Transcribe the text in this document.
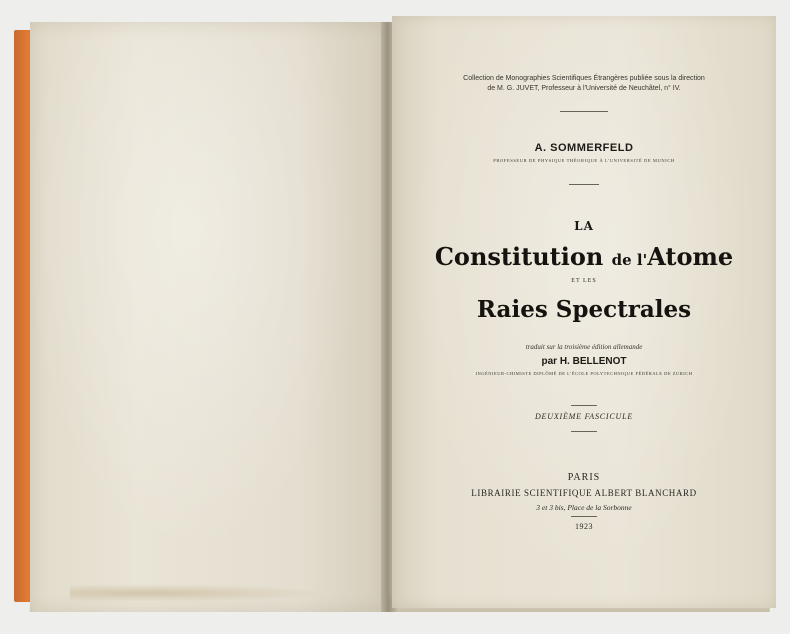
Collection de Monographies Scientifiques Étrangères publiée sous la direction
de M. G. JUVET, Professeur à l'Université de Neuchâtel, n° IV.
A. SOMMERFELD
PROFESSEUR DE PHYSIQUE THÉORIQUE À L'UNIVERSITÉ DE MUNICH
LA
Constitution de l'Atome
ET LES
Raies Spectrales
traduit sur la troisième édition allemande
par H. BELLENOT
INGÉNIEUR-CHIMISTE DIPLÔMÉ DE L'ÉCOLE POLYTECHNIQUE FÉDÉRALE DE ZURICH
DEUXIÈME FASCICULE
PARIS
LIBRAIRIE SCIENTIFIQUE ALBERT BLANCHARD
3 et 3 bis, Place de la Sorbonne
1923
